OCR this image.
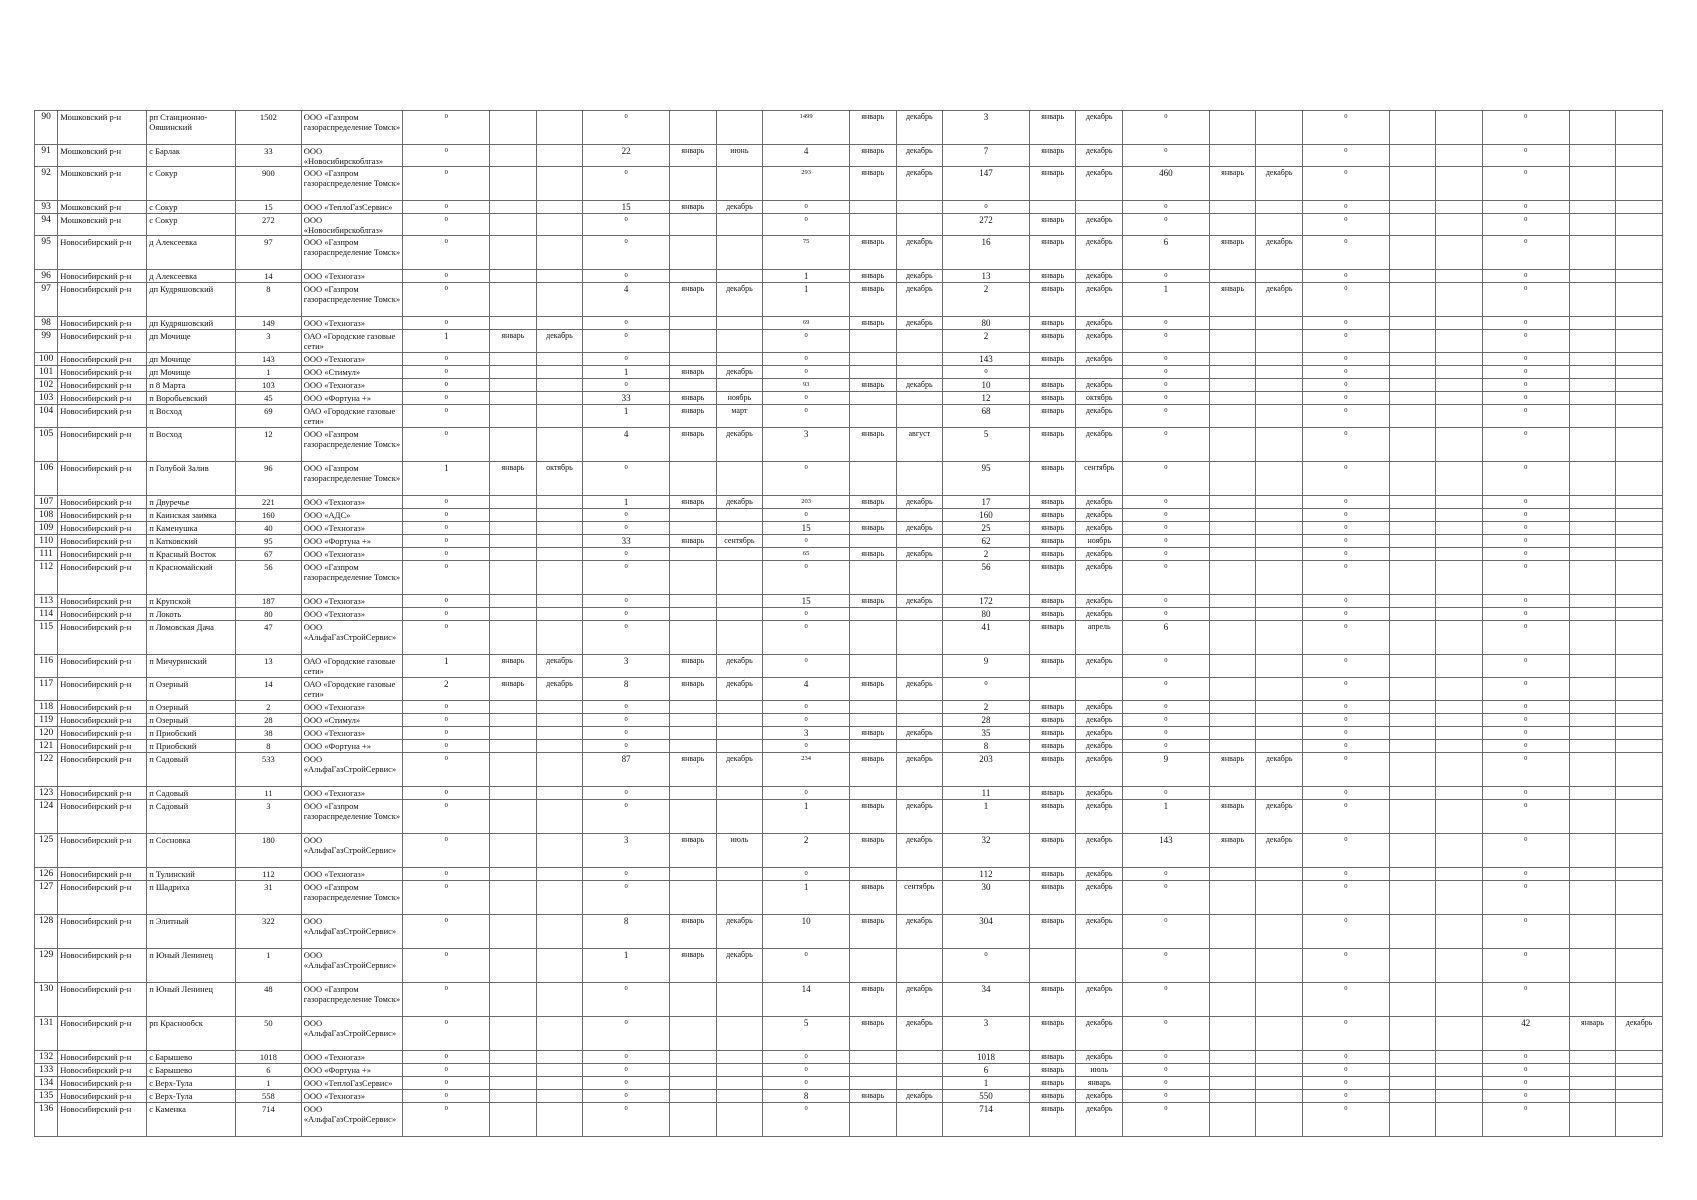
90	Мошковский р-н	рп Станционно-Ояшинский	1502	ООО «Газпром газораспределение Томск»	0			0			1499	январь	декабрь	3	январь	декабрь	0			0			0		
91	Мошковский р-н	с Барлак	33	ООО «Новосибирскоблгаз»	0			22	январь	июнь	4	январь	декабрь	7	январь	декабрь	0			0			0		
92	Мошковский р-н	с Сокур	900	ООО «Газпром газораспределение Томск»	0			0			293	январь	декабрь	147	январь	декабрь	460	январь	декабрь	0			0		
93	Мошковский р-н	с Сокур	15	ООО «ТеплоГазСервис»	0			15	январь	декабрь	0			0			0			0			0		
94	Мошковский р-н	с Сокур	272	ООО «Новосибирскоблгаз»	0			0			0			272	январь	декабрь	0			0			0		
95	Новосибирский р-н	д Алексеевка	97	ООО «Газпром газораспределение Томск»	0			0			75	январь	декабрь	16	январь	декабрь	6	январь	декабрь	0			0		
96	Новосибирский р-н	д Алексеевка	14	ООО «Техногаз»	0			0			1	январь	декабрь	13	январь	декабрь	0			0			0		
97	Новосибирский р-н	дп Кудряшовский	8	ООО «Газпром газораспределение Томск»	0			4	январь	декабрь	1	январь	декабрь	2	январь	декабрь	1	январь	декабрь	0			0		
98	Новосибирский р-н	дп Кудряшовский	149	ООО «Техногаз»	0			0			69	январь	декабрь	80	январь	декабрь	0			0			0		
99	Новосибирский р-н	дп Мочище	3	ОАО «Городские газовые сети»	1	январь	декабрь	0			0			2	январь	декабрь	0			0			0		
100	Новосибирский р-н	дп Мочище	143	ООО «Техногаз»	0			0			0			143	январь	декабрь	0			0			0		
101	Новосибирский р-н	дп Мочище	1	ООО «Стимул»	0			1	январь	декабрь	0			0			0			0			0		
102	Новосибирский р-н	п 8 Марта	103	ООО «Техногаз»	0			0			93	январь	декабрь	10	январь	декабрь	0			0			0		
103	Новосибирский р-н	п Воробьевский	45	ООО «Фортуна +»	0			33	январь	ноябрь	0			12	январь	октябрь	0			0			0		
104	Новосибирский р-н	п Восход	69	ОАО «Городские газовые сети»	0			1	январь	март	0			68	январь	декабрь	0			0			0		
105	Новосибирский р-н	п Восход	12	ООО «Газпром газораспределение Томск»	0			4	январь	декабрь	3	январь	август	5	январь	декабрь	0			0			0		
106	Новосибирский р-н	п Голубой Залив	96	ООО «Газпром газораспределение Томск»	1	январь	октябрь	0			0			95	январь	сентябрь	0			0			0		
107	Новосибирский р-н	п Двуречье	221	ООО «Техногаз»	0			1	январь	декабрь	203	январь	декабрь	17	январь	декабрь	0			0			0		
108	Новосибирский р-н	п Каинская заимка	160	ООО «АДС»	0			0			0			160	январь	декабрь	0			0			0		
109	Новосибирский р-н	п Каменушка	40	ООО «Техногаз»	0			0			15	январь	декабрь	25	январь	декабрь	0			0			0		
110	Новосибирский р-н	п Катковский	95	ООО «Фортуна +»	0			33	январь	сентябрь	0			62	январь	ноябрь	0			0			0		
111	Новосибирский р-н	п Красный Восток	67	ООО «Техногаз»	0			0			65	январь	декабрь	2	январь	декабрь	0			0			0		
112	Новосибирский р-н	п Красномайский	56	ООО «Газпром газораспределение Томск»	0			0			0			56	январь	декабрь	0			0			0		
113	Новосибирский р-н	п Крупской	187	ООО «Техногаз»	0			0			15	январь	декабрь	172	январь	декабрь	0			0			0		
114	Новосибирский р-н	п Локоть	80	ООО «Техногаз»	0			0			0			80	январь	декабрь	0			0			0		
115	Новосибирский р-н	п Ломовская Дача	47	ООО «АльфаГазСтройСервис»	0			0			0			41	январь	апрель	6			0			0		
116	Новосибирский р-н	п Мичуринский	13	ОАО «Городские газовые сети»	1	январь	декабрь	3	январь	декабрь	0			9	январь	декабрь	0			0			0		
117	Новосибирский р-н	п Озерный	14	ОАО «Городские газовые сети»	2	январь	декабрь	8	январь	декабрь	4	январь	декабрь	0			0			0			0		
118	Новосибирский р-н	п Озерный	2	ООО «Техногаз»	0			0			0			2	январь	декабрь	0			0			0		
119	Новосибирский р-н	п Озерный	28	ООО «Стимул»	0			0			0			28	январь	декабрь	0			0			0		
120	Новосибирский р-н	п Приобский	38	ООО «Техногаз»	0			0			3	январь	декабрь	35	январь	декабрь	0			0			0		
121	Новосибирский р-н	п Приобский	8	ООО «Фортуна +»	0			0			0			8	январь	декабрь	0			0			0		
122	Новосибирский р-н	п Садовый	533	ООО «АльфаГазСтройСервис»	0			87	январь	декабрь	234	январь	декабрь	203	январь	декабрь	9	январь	декабрь	0			0		
123	Новосибирский р-н	п Садовый	11	ООО «Техногаз»	0			0			0			11	январь	декабрь	0			0			0		
124	Новосибирский р-н	п Садовый	3	ООО «Газпром газораспределение Томск»	0			0			1	январь	декабрь	1	январь	декабрь	1	январь	декабрь	0			0		
125	Новосибирский р-н	п Сосновка	180	ООО «АльфаГазСтройСервис»	0			3	январь	июль	2	январь	декабрь	32	январь	декабрь	143	январь	декабрь	0			0		
126	Новосибирский р-н	п Тулинский	112	ООО «Техногаз»	0			0			0			112	январь	декабрь	0			0			0		
127	Новосибирский р-н	п Шадриха	31	ООО «Газпром газораспределение Томск»	0			0			1	январь	сентябрь	30	январь	декабрь	0			0			0		
128	Новосибирский р-н	п Элитный	322	ООО «АльфаГазСтройСервис»	0			8	январь	декабрь	10	январь	декабрь	304	январь	декабрь	0			0			0		
129	Новосибирский р-н	п Юный Ленинец	1	ООО «АльфаГазСтройСервис»	0			1	январь	декабрь	0			0			0			0			0		
130	Новосибирский р-н	п Юный Ленинец	48	ООО «Газпром газораспределение Томск»	0			0			14	январь	декабрь	34	январь	декабрь	0			0			0		
131	Новосибирский р-н	рп Краснообск	50	ООО «АльфаГазСтройСервис»	0			0			5	январь	декабрь	3	январь	декабрь	0			0			42	январь	декабрь
132	Новосибирский р-н	с Барышево	1018	ООО «Техногаз»	0			0			0			1018	январь	декабрь	0			0			0		
133	Новосибирский р-н	с Барышево	6	ООО «Фортуна +»	0			0			0			6	январь	июль	0			0			0		
134	Новосибирский р-н	с Верх-Тула	1	ООО «ТеплоГазСервис»	0			0			0			1	январь	январь	0			0			0		
135	Новосибирский р-н	с Верх-Тула	558	ООО «Техногаз»	0			0			8	январь	декабрь	550	январь	декабрь	0			0			0		
136	Новосибирский р-н	с Каменка	714	ООО «АльфаГазСтройСервис»	0			0			0			714	январь	декабрь	0			0			0		
